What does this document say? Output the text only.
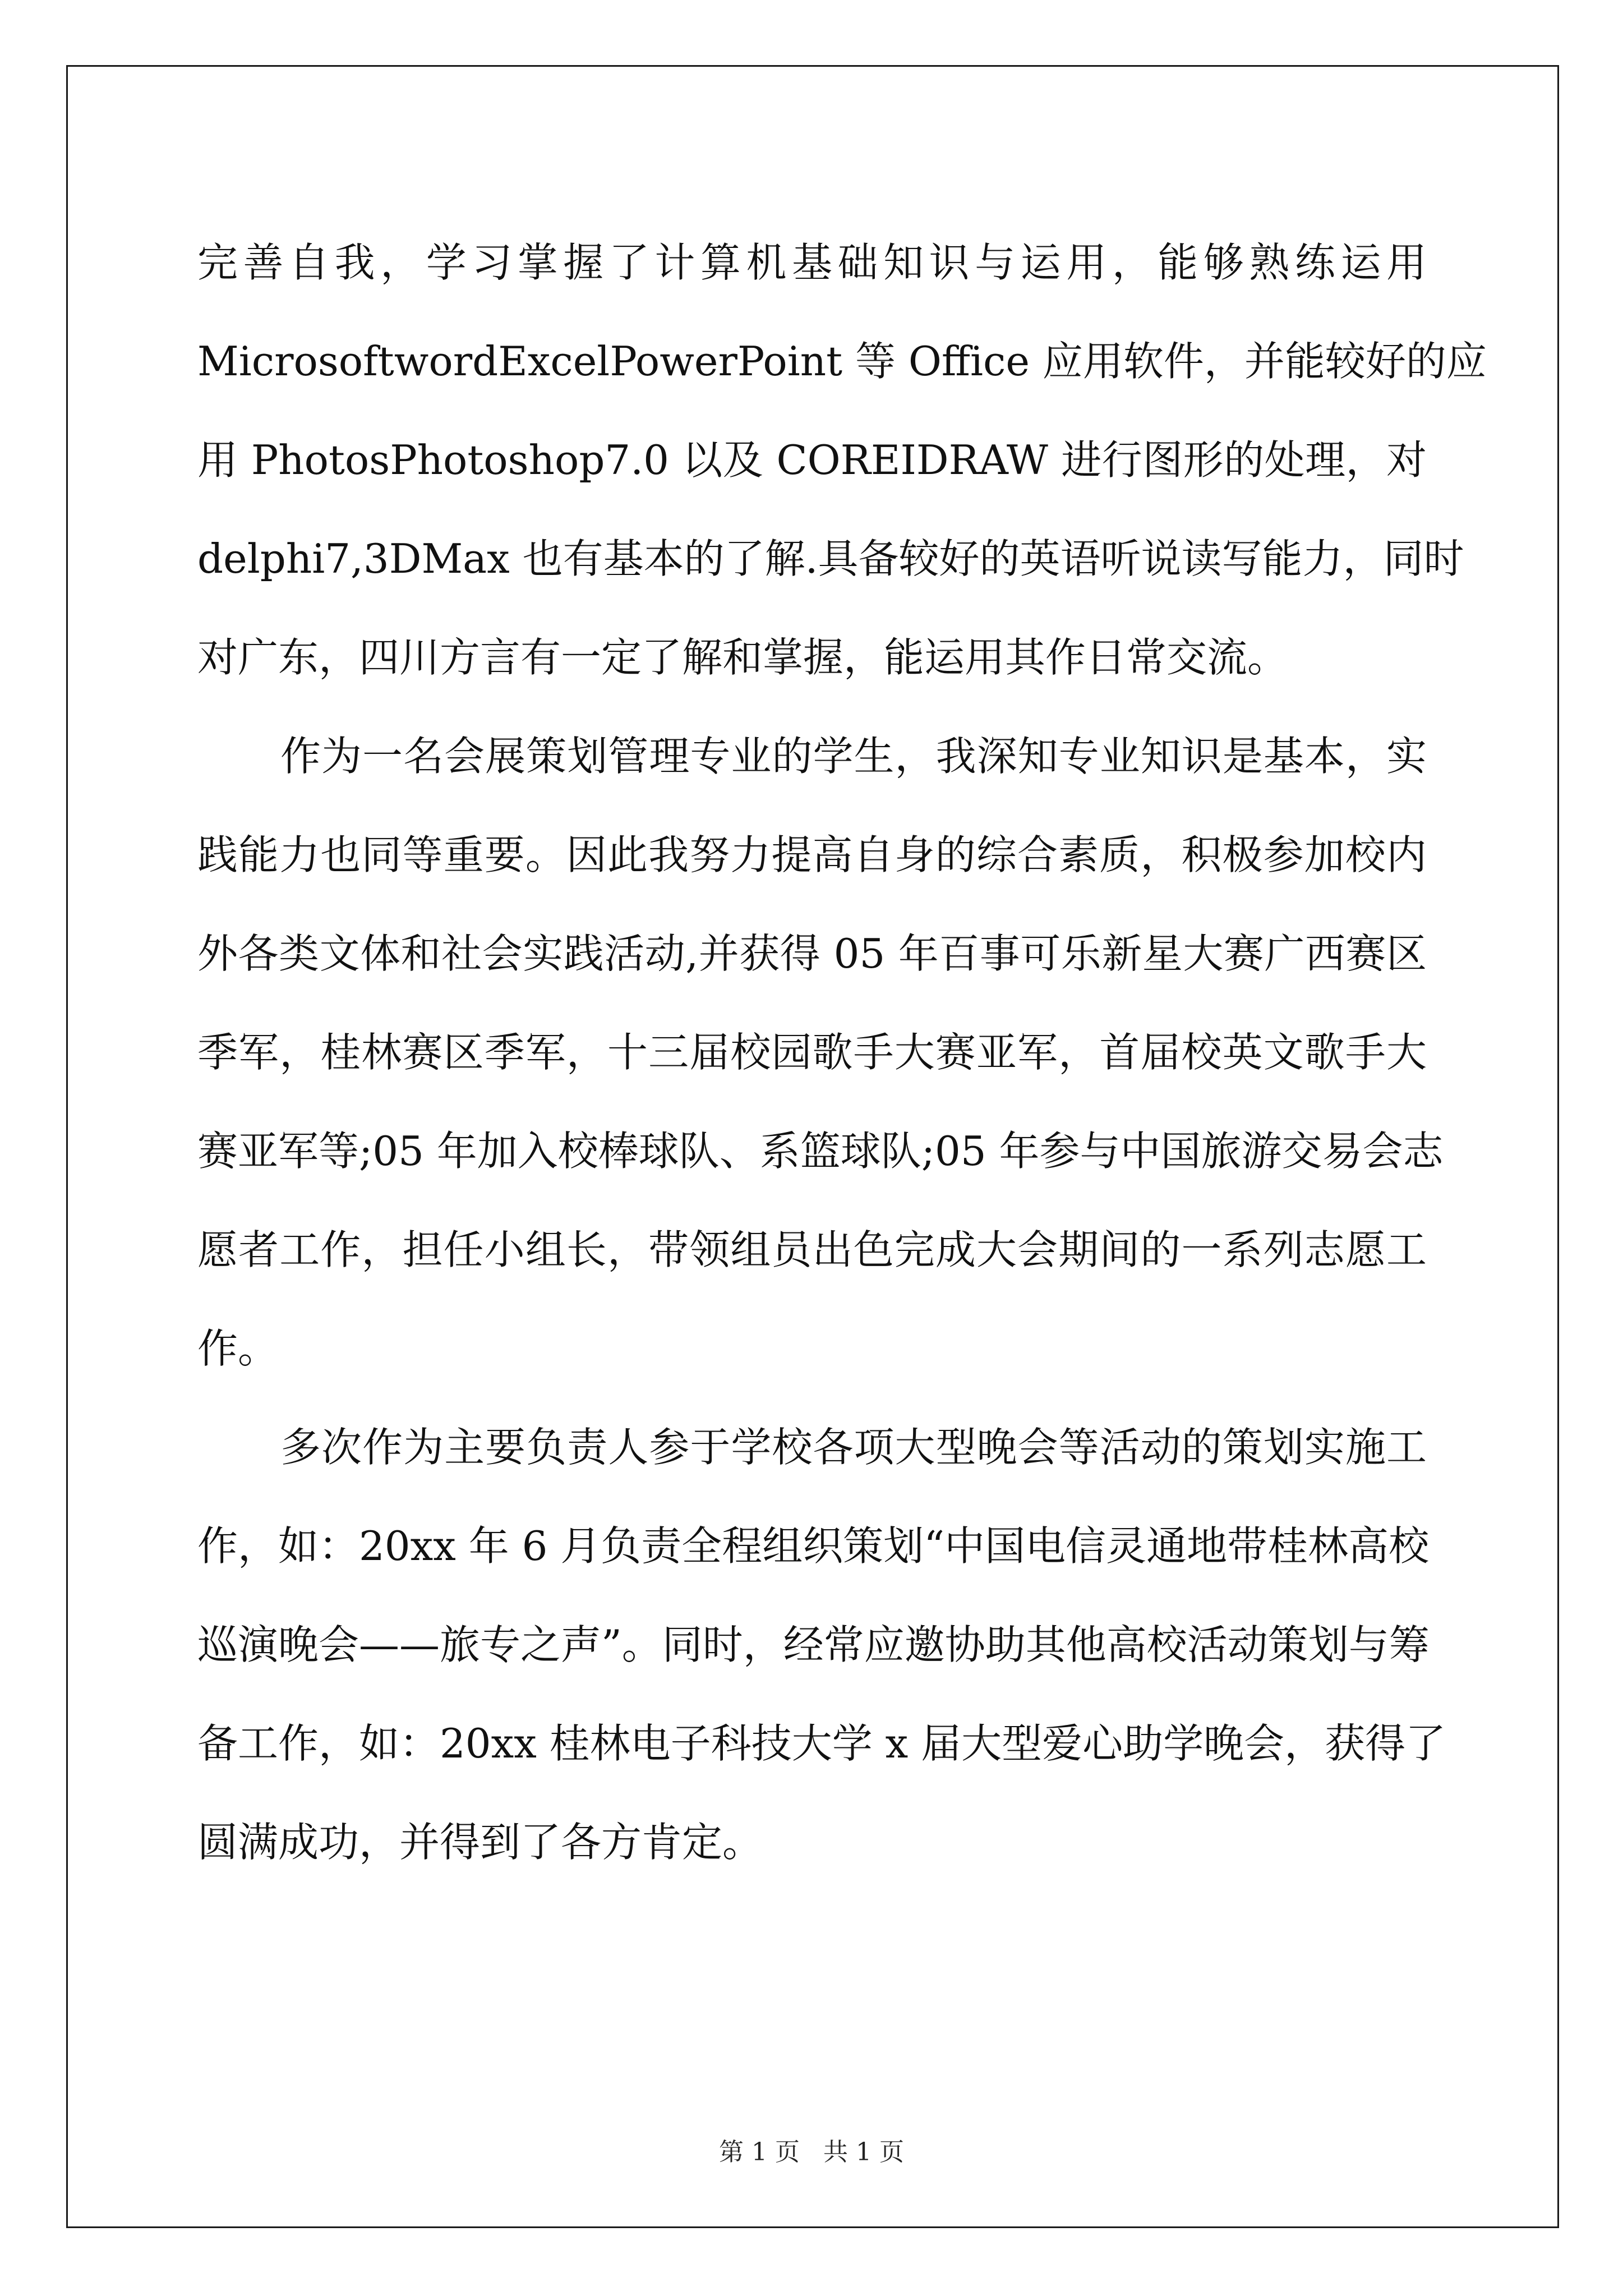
完善自我，学习掌握了计算机基础知识与运用，能够熟练运用
MicrosoftwordExcelPowerPoint 等 Office 应用软件，并能较好的应
用 PhotosPhotoshop7.0 以及 COREIDRAW 进行图形的处理，对
delphi7,3DMax 也有基本的了解.具备较好的英语听说读写能力，同时
对广东，四川方言有一定了解和掌握，能运用其作日常交流。
作为一名会展策划管理专业的学生，我深知专业知识是基本，实
践能力也同等重要。因此我努力提高自身的综合素质，积极参加校内
外各类文体和社会实践活动,并获得 05 年百事可乐新星大赛广西赛区
季军，桂林赛区季军，十三届校园歌手大赛亚军，首届校英文歌手大
赛亚军等;05 年加入校棒球队、系篮球队;05 年参与中国旅游交易会志
愿者工作，担任小组长，带领组员出色完成大会期间的一系列志愿工
作。
多次作为主要负责人参于学校各项大型晚会等活动的策划实施工
作，如：20xx 年 6 月负责全程组织策划“中国电信灵通地带桂林高校
巡演晚会——旅专之声”。同时，经常应邀协助其他高校活动策划与筹
备工作，如：20xx 桂林电子科技大学 x 届大型爱心助学晚会，获得了
圆满成功，并得到了各方肯定。
第 1 页   共 1 页
